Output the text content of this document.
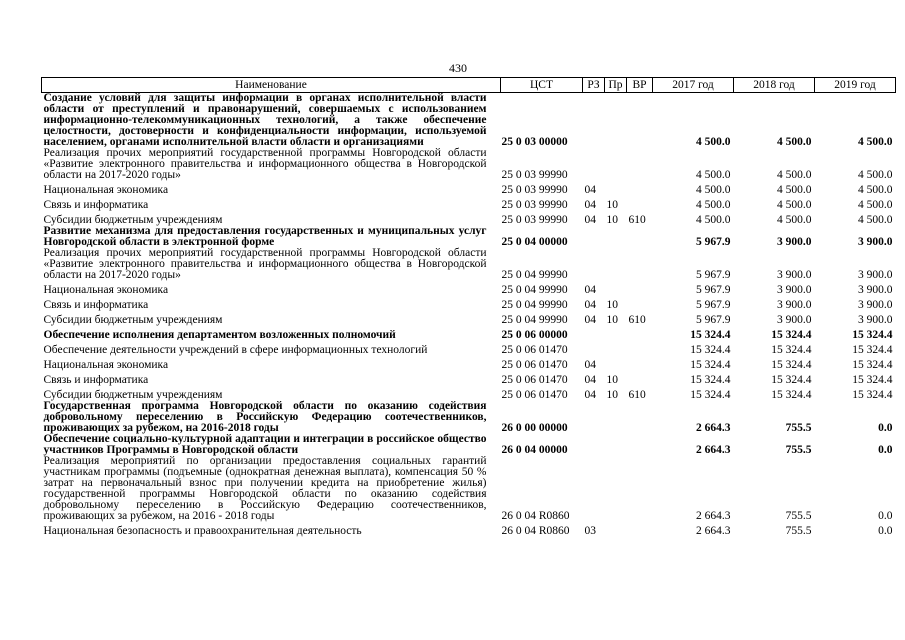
430
Наименование	ЦСТ	РЗ	Пр	ВР	2017 год	2018 год	2019 год
Создание условий для защиты информации в органах исполнительной власти области от преступлений и правонарушений, совершаемых с использованием информационно-телекоммуникационных технологий, а также обеспечение целостности, достоверности и конфиденциальности информации, используемой населением, органами исполнительной власти области и организациями	25 0 03 00000				4 500.0	4 500.0	4 500.0
Реализация прочих мероприятий государственной программы Новгородской области «Развитие электронного правительства и информационного общества в Новгородской области на 2017-2020 годы»	25 0 03 99990				4 500.0	4 500.0	4 500.0
Национальная экономика	25 0 03 99990	04			4 500.0	4 500.0	4 500.0
Связь и информатика	25 0 03 99990	04	10		4 500.0	4 500.0	4 500.0
Субсидии бюджетным учреждениям	25 0 03 99990	04	10	610	4 500.0	4 500.0	4 500.0
Развитие механизма для предоставления государственных и муниципальных услуг Новгородской области в электронной форме	25 0 04 00000				5 967.9	3 900.0	3 900.0
Реализация прочих мероприятий государственной программы Новгородской области «Развитие электронного правительства и информационного общества в Новгородской области на 2017-2020 годы»	25 0 04 99990				5 967.9	3 900.0	3 900.0
Национальная экономика	25 0 04 99990	04			5 967.9	3 900.0	3 900.0
Связь и информатика	25 0 04 99990	04	10		5 967.9	3 900.0	3 900.0
Субсидии бюджетным учреждениям	25 0 04 99990	04	10	610	5 967.9	3 900.0	3 900.0
Обеспечение исполнения департаментом возложенных полномочий	25 0 06 00000				15 324.4	15 324.4	15 324.4
Обеспечение деятельности учреждений в сфере информационных технологий	25 0 06 01470				15 324.4	15 324.4	15 324.4
Национальная экономика	25 0 06 01470	04			15 324.4	15 324.4	15 324.4
Связь и информатика	25 0 06 01470	04	10		15 324.4	15 324.4	15 324.4
Субсидии бюджетным учреждениям	25 0 06 01470	04	10	610	15 324.4	15 324.4	15 324.4
Государственная программа Новгородской области по оказанию содействия добровольному переселению в Российскую Федерацию соотечественников, проживающих за рубежом, на 2016-2018 годы	26 0 00 00000				2 664.3	755.5	0.0
Обеспечение социально-культурной адаптации и интеграции в российское общество участников Программы в Новгородской области	26 0 04 00000				2 664.3	755.5	0.0
Реализация мероприятий по организации предоставления социальных гарантий участникам программы (подъемные (однократная денежная выплата), компенсация 50 % затрат на первоначальный взнос при получении кредита на приобретение жилья) государственной программы Новгородской области по оказанию содействия добровольному переселению в Российскую Федерацию соотечественников, проживающих за рубежом, на 2016 - 2018 годы	26 0 04 R0860				2 664.3	755.5	0.0
Национальная безопасность и правоохранительная деятельность	26 0 04 R0860	03			2 664.3	755.5	0.0
